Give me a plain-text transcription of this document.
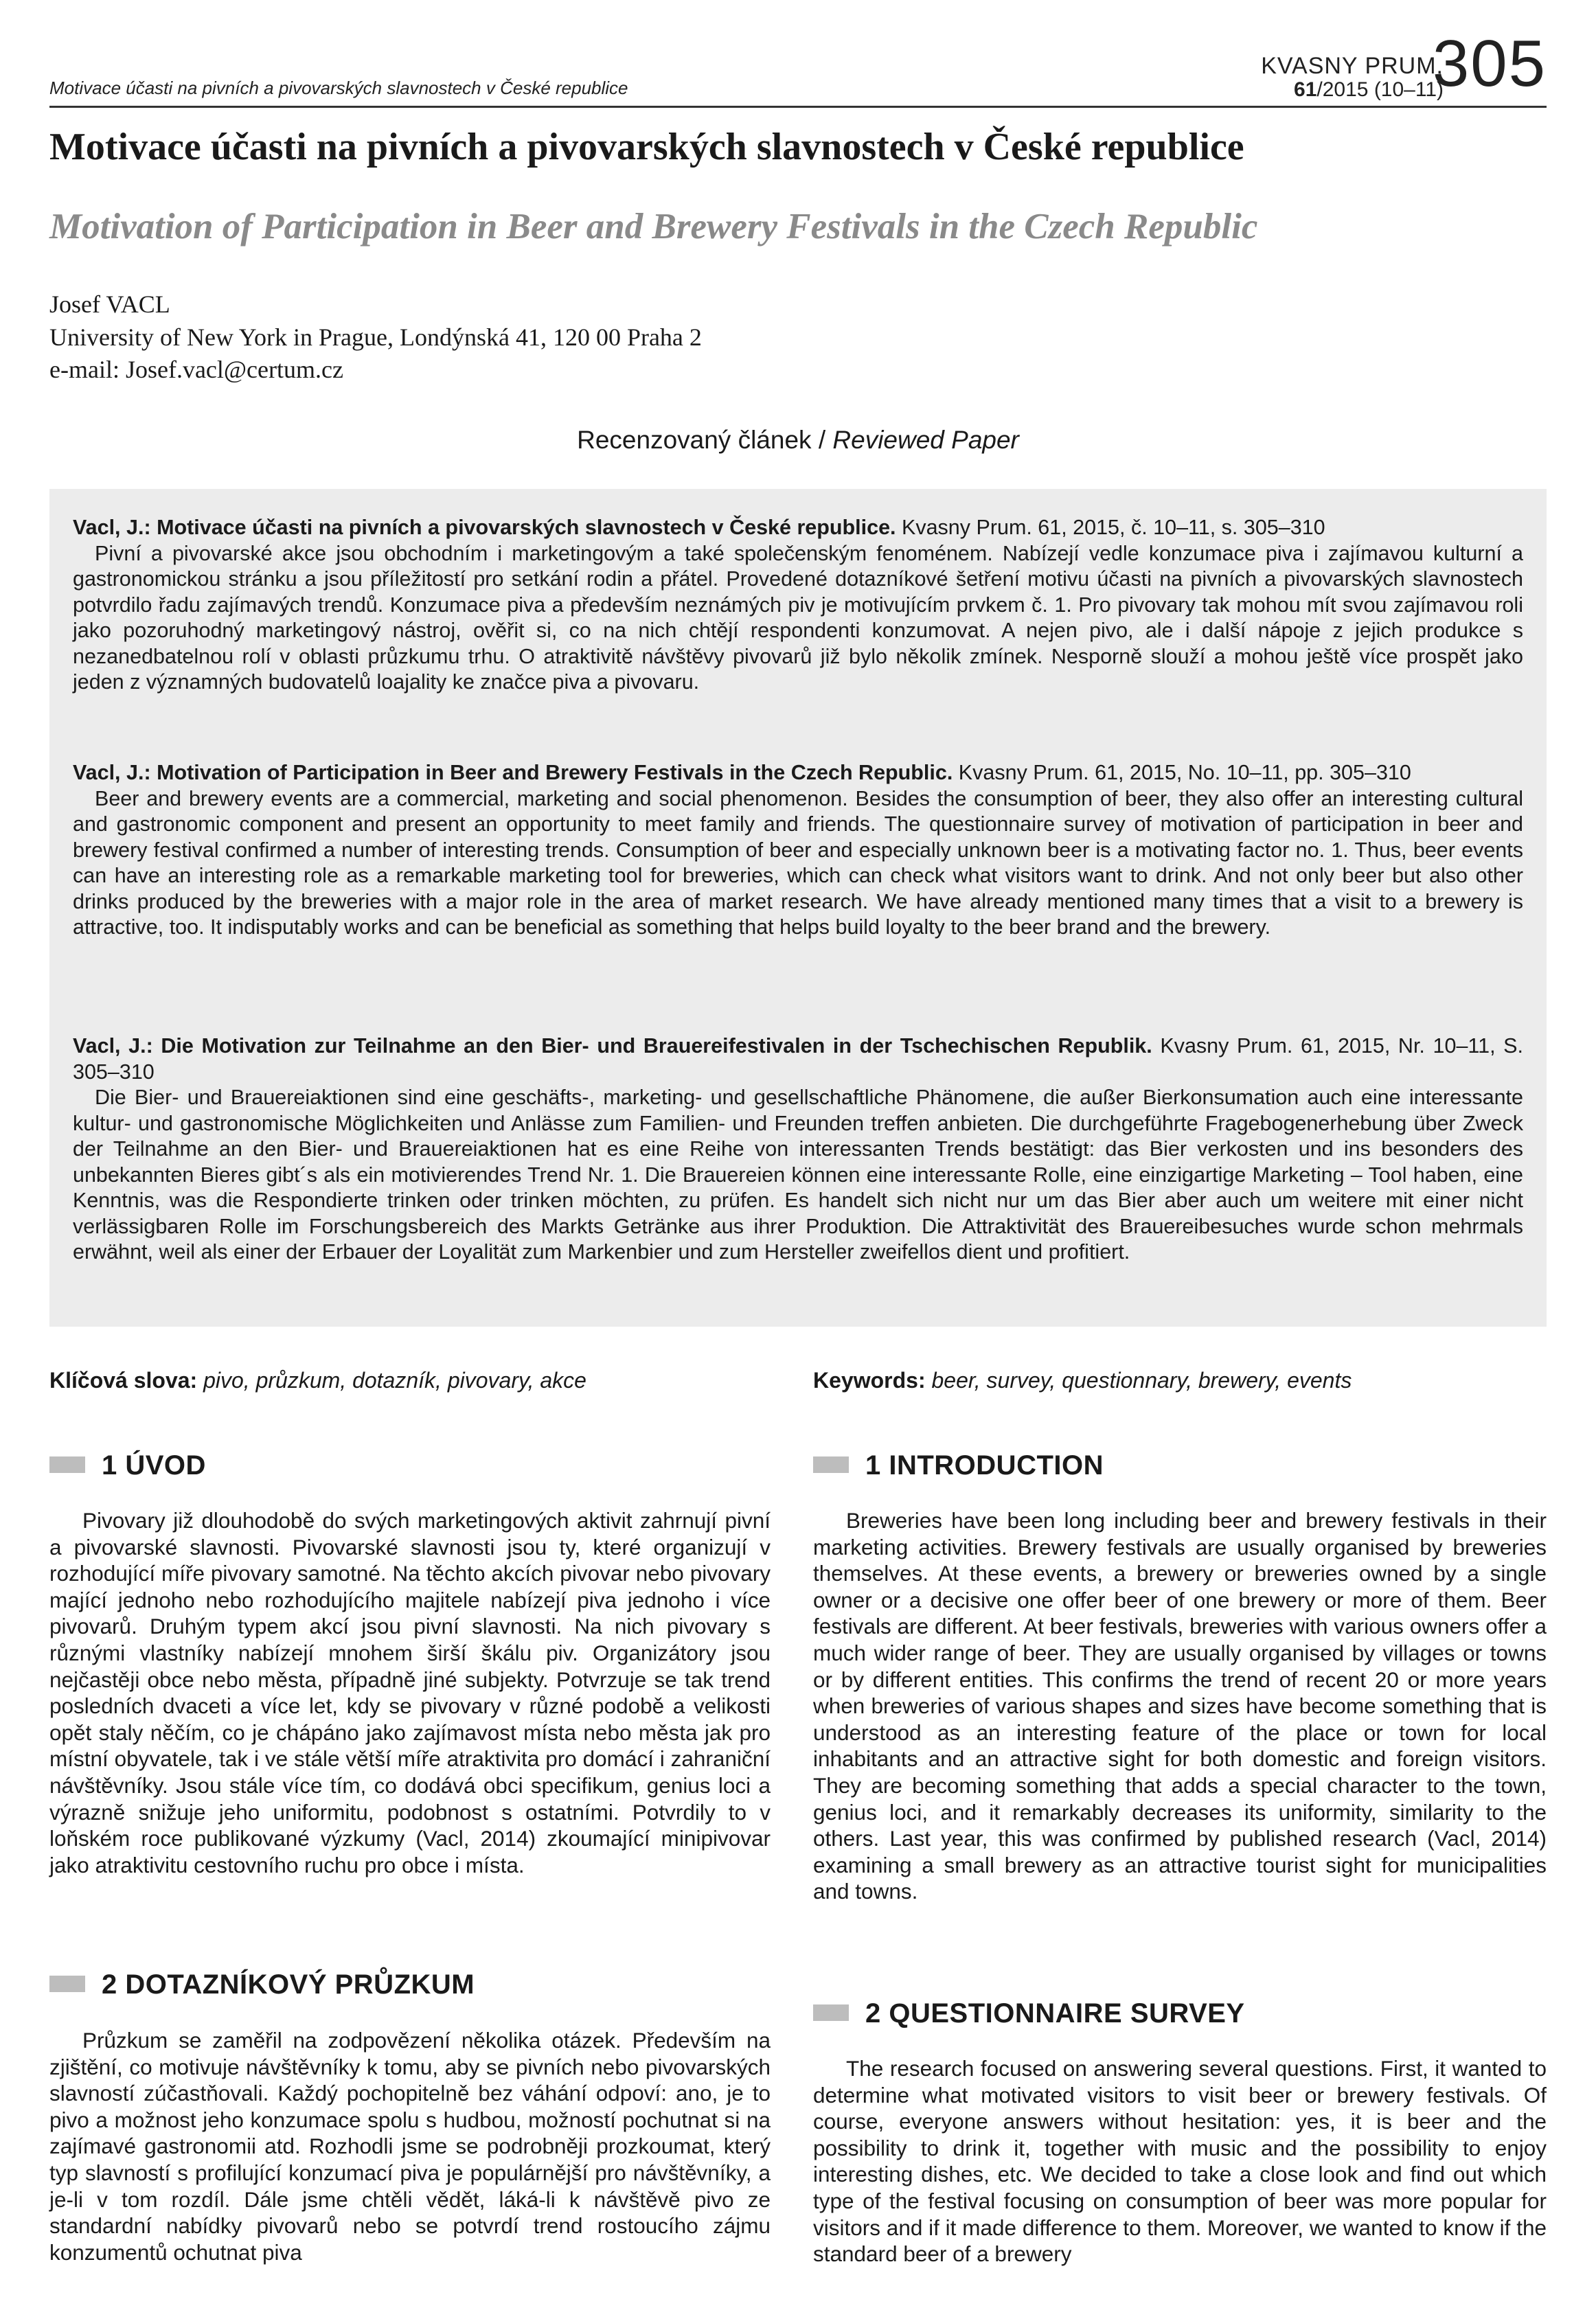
Motivace účasti na pivních a pivovarských slavnostech v České republice
KVASNY PRUM.
61/2015 (10–11)
305
Motivace účasti na pivních a pivovarských slavnostech v České republice
Motivation of Participation in Beer and Brewery Festivals in the Czech Republic
Josef VACL
University of New York in Prague, Londýnská 41, 120 00 Praha 2
e-mail: Josef.vacl@certum.cz
Recenzovaný článek / Reviewed Paper
Vacl, J.: Motivace účasti na pivních a pivovarských slavnostech v České republice. Kvasny Prum. 61, 2015, č. 10–11, s. 305–310
Pivní a pivovarské akce jsou obchodním i marketingovým a také společenským fenoménem. Nabízejí vedle konzumace piva i zajímavou kulturní a gastronomickou stránku a jsou příležitostí pro setkání rodin a přátel. Provedené dotazníkové šetření motivu účasti na pivních a pivovarských slavnostech potvrdilo řadu zajímavých trendů. Konzumace piva a především neznámých piv je motivujícím prvkem č. 1. Pro pivovary tak mohou mít svou zajímavou roli jako pozoruhodný marketingový nástroj, ověřit si, co na nich chtějí respondenti konzumovat. A nejen pivo, ale i další nápoje z jejich produkce s nezanedbatelnou rolí v oblasti průzkumu trhu. O atraktivitě návštěvy pivovarů již bylo několik zmínek. Nesporně slouží a mohou ještě více prospět jako jeden z významných budovatelů loajality ke značce piva a pivovaru.
Vacl, J.: Motivation of Participation in Beer and Brewery Festivals in the Czech Republic. Kvasny Prum. 61, 2015, No. 10–11, pp. 305–310
Beer and brewery events are a commercial, marketing and social phenomenon. Besides the consumption of beer, they also offer an interesting cultural and gastronomic component and present an opportunity to meet family and friends. The questionnaire survey of motivation of participation in beer and brewery festival confirmed a number of interesting trends. Consumption of beer and especially unknown beer is a motivating factor no. 1. Thus, beer events can have an interesting role as a remarkable marketing tool for breweries, which can check what visitors want to drink. And not only beer but also other drinks produced by the breweries with a major role in the area of market research. We have already mentioned many times that a visit to a brewery is attractive, too. It indisputably works and can be beneficial as something that helps build loyalty to the beer brand and the brewery.
Vacl, J.: Die Motivation zur Teilnahme an den Bier- und Brauereifestivalen in der Tschechischen Republik. Kvasny Prum. 61, 2015, Nr. 10–11, S. 305–310
Die Bier- und Brauereiaktionen sind eine geschäfts-, marketing- und gesellschaftliche Phänomene, die außer Bierkonsumation auch eine interessante kultur- und gastronomische Möglichkeiten und Anlässe zum Familien- und Freunden treffen anbieten. Die durchgeführte Fragebogenerhebung über Zweck der Teilnahme an den Bier- und Brauereiaktionen hat es eine Reihe von interessanten Trends bestätigt: das Bier verkosten und ins besonders des unbekannten Bieres gibt´s als ein motivierendes Trend Nr. 1. Die Brauereien können eine interessante Rolle, eine einzigartige Marketing – Tool haben, eine Kenntnis, was die Respondierte trinken oder trinken möchten, zu prüfen. Es handelt sich nicht nur um das Bier aber auch um weitere mit einer nicht verlässigbaren Rolle im Forschungsbereich des Markts Getränke aus ihrer Produktion. Die Attraktivität des Brauereibesuches wurde schon mehrmals erwähnt, weil als einer der Erbauer der Loyalität zum Markenbier und zum Hersteller zweifellos dient und profitiert.
Klíčová slova: pivo, průzkum, dotazník, pivovary, akce	Keywords: beer, survey, questionnary, brewery, events
1 ÚVOD

Pivovary již dlouhodobě do svých marketingových aktivit zahrnují pivní a pivovarské slavnosti. Pivovarské slavnosti jsou ty, které organizují v rozhodující míře pivovary samotné. Na těchto akcích pivovar nebo pivovary mající jednoho nebo rozhodujícího majitele nabízejí piva jednoho i více pivovarů. Druhým typem akcí jsou pivní slavnosti. Na nich pivovary s různými vlastníky nabízejí mnohem širší škálu piv. Organizátory jsou nejčastěji obce nebo města, případně jiné subjekty. Potvrzuje se tak trend posledních dvaceti a více let, kdy se pivovary v různé podobě a velikosti opět staly něčím, co je chápáno jako zajímavost místa nebo města jak pro místní obyvatele, tak i ve stále větší míře atraktivita pro domácí i zahraniční návštěvníky. Jsou stále více tím, co dodává obci specifikum, genius loci a výrazně snižuje jeho uniformitu, podobnost s ostatními. Potvrdily to v loňském roce publikované výzkumy (Vacl, 2014) zkoumající minipivovar jako atraktivitu cestovního ruchu pro obce i místa.

2 DOTAZNÍKOVÝ PRŮZKUM

Průzkum se zaměřil na zodpovězení několika otázek. Především na zjištění, co motivuje návštěvníky k tomu, aby se pivních nebo pivovarských slavností zúčastňovali. Každý pochopitelně bez váhání odpoví: ano, je to pivo a možnost jeho konzumace spolu s hudbou, možností pochutnat si na zajímavé gastronomii atd. Rozhodli jsme se podrobněji prozkoumat, který typ slavností s profilující konzumací piva je populárnější pro návštěvníky, a je-li v tom rozdíl. Dále jsme chtěli vědět, láká-li k návštěvě pivo ze standardní nabídky pivovarů nebo se potvrdí trend rostoucího zájmu konzumentů ochutnat piva

1 INTRODUCTION

Breweries have been long including beer and brewery festivals in their marketing activities. Brewery festivals are usually organised by breweries themselves. At these events, a brewery or breweries owned by a single owner or a decisive one offer beer of one brewery or more of them. Beer festivals are different. At beer festivals, breweries with various owners offer a much wider range of beer. They are usually organised by villages or towns or by different entities. This confirms the trend of recent 20 or more years when breweries of various shapes and sizes have become something that is understood as an interesting feature of the place or town for local inhabitants and an attractive sight for both domestic and foreign visitors. They are becoming something that adds a special character to the town, genius loci, and it remarkably decreases its uniformity, similarity to the others. Last year, this was confirmed by published research (Vacl, 2014) examining a small brewery as an attractive tourist sight for municipalities and towns.

2 QUESTIONNAIRE SURVEY

The research focused on answering several questions. First, it wanted to determine what motivated visitors to visit beer or brewery festivals. Of course, everyone answers without hesitation: yes, it is beer and the possibility to drink it, together with music and the possibility to enjoy interesting dishes, etc. We decided to take a close look and find out which type of the festival focusing on consumption of beer was more popular for visitors and if it made difference to them. Moreover, we wanted to know if the standard beer of a brewery
